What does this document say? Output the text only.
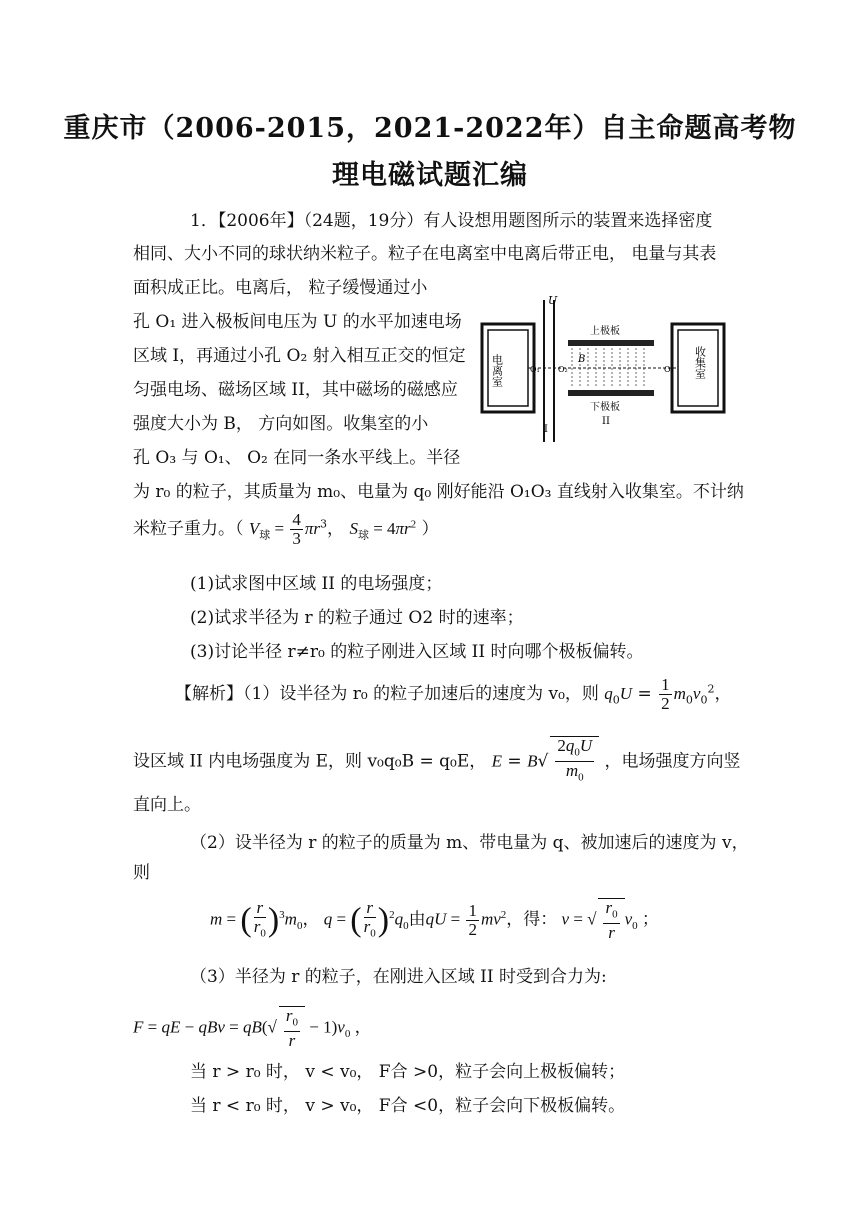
重庆市（2006-2015，2021-2022年）自主命题高考物
理电磁试题汇编
1．【2006年】（24题，19分）有人设想用题图所示的装置来选择密度
相同、大小不同的球状纳米粒子。粒子在电离室中电离后带正电， 电量与其表
面积成正比。电离后， 粒子缓慢通过小
孔 O₁ 进入极板间电压为 U 的水平加速电场
区域 I，再通过小孔 O₂ 射入相互正交的恒定
匀强电场、磁场区域 II，其中磁场的磁感应
强度大小为 B， 方向如图。收集室的小
孔 O₃ 与 O₁、 O₂ 在同一条水平线上。半径
电离室	收集室
上极板
下极板
I
II
U
B
O₁ O₂	O₃
为 r₀ 的粒子，其质量为 m₀、电量为 q₀ 刚好能沿 O₁O₃ 直线射入收集室。不计纳
米粒子重力。（ $V_球 = \frac{4}{3} \pi r^3$， $S_球 = 4\pi r^2$ ）
(1)试求图中区域 II 的电场强度；
(2)试求半径为 r 的粒子通过 O2 时的速率；
(3)讨论半径 r≠r₀ 的粒子刚进入区域 II 时向哪个极板偏转。
【解析】（1）设半径为 r₀ 的粒子加速后的速度为 v₀，则 $q_0U = \frac{1}{2} m_0v_0^2$，
设区域 II 内电场强度为 E，则 v₀q₀B = q₀E， $E = B√ \frac{2q_0U}{m_0}$ ，电场强度方向竖
直向上。
（2）设半径为 r 的粒子的质量为 m、带电量为 q、被加速后的速度为 v，
则
m = ( $\frac{r}{r_0} )^3m_0$， q = ( $\frac{r}{r_0} )^2q_0$由qU = $\frac{1}{2} mv^2$，得： v = √ $\frac{r_0}{r} v_0$ ；
（3）半径为 r 的粒子，在刚进入区域 II 时受到合力为:
F = qE − qBv = $qB(√ \frac{r_0}{r} - 1)v_0$ ，
当 r > r₀ 时， v < v₀， F合 >0，粒子会向上极板偏转；
当 r < r₀ 时， v > v₀， F合 <0，粒子会向下极板偏转。
